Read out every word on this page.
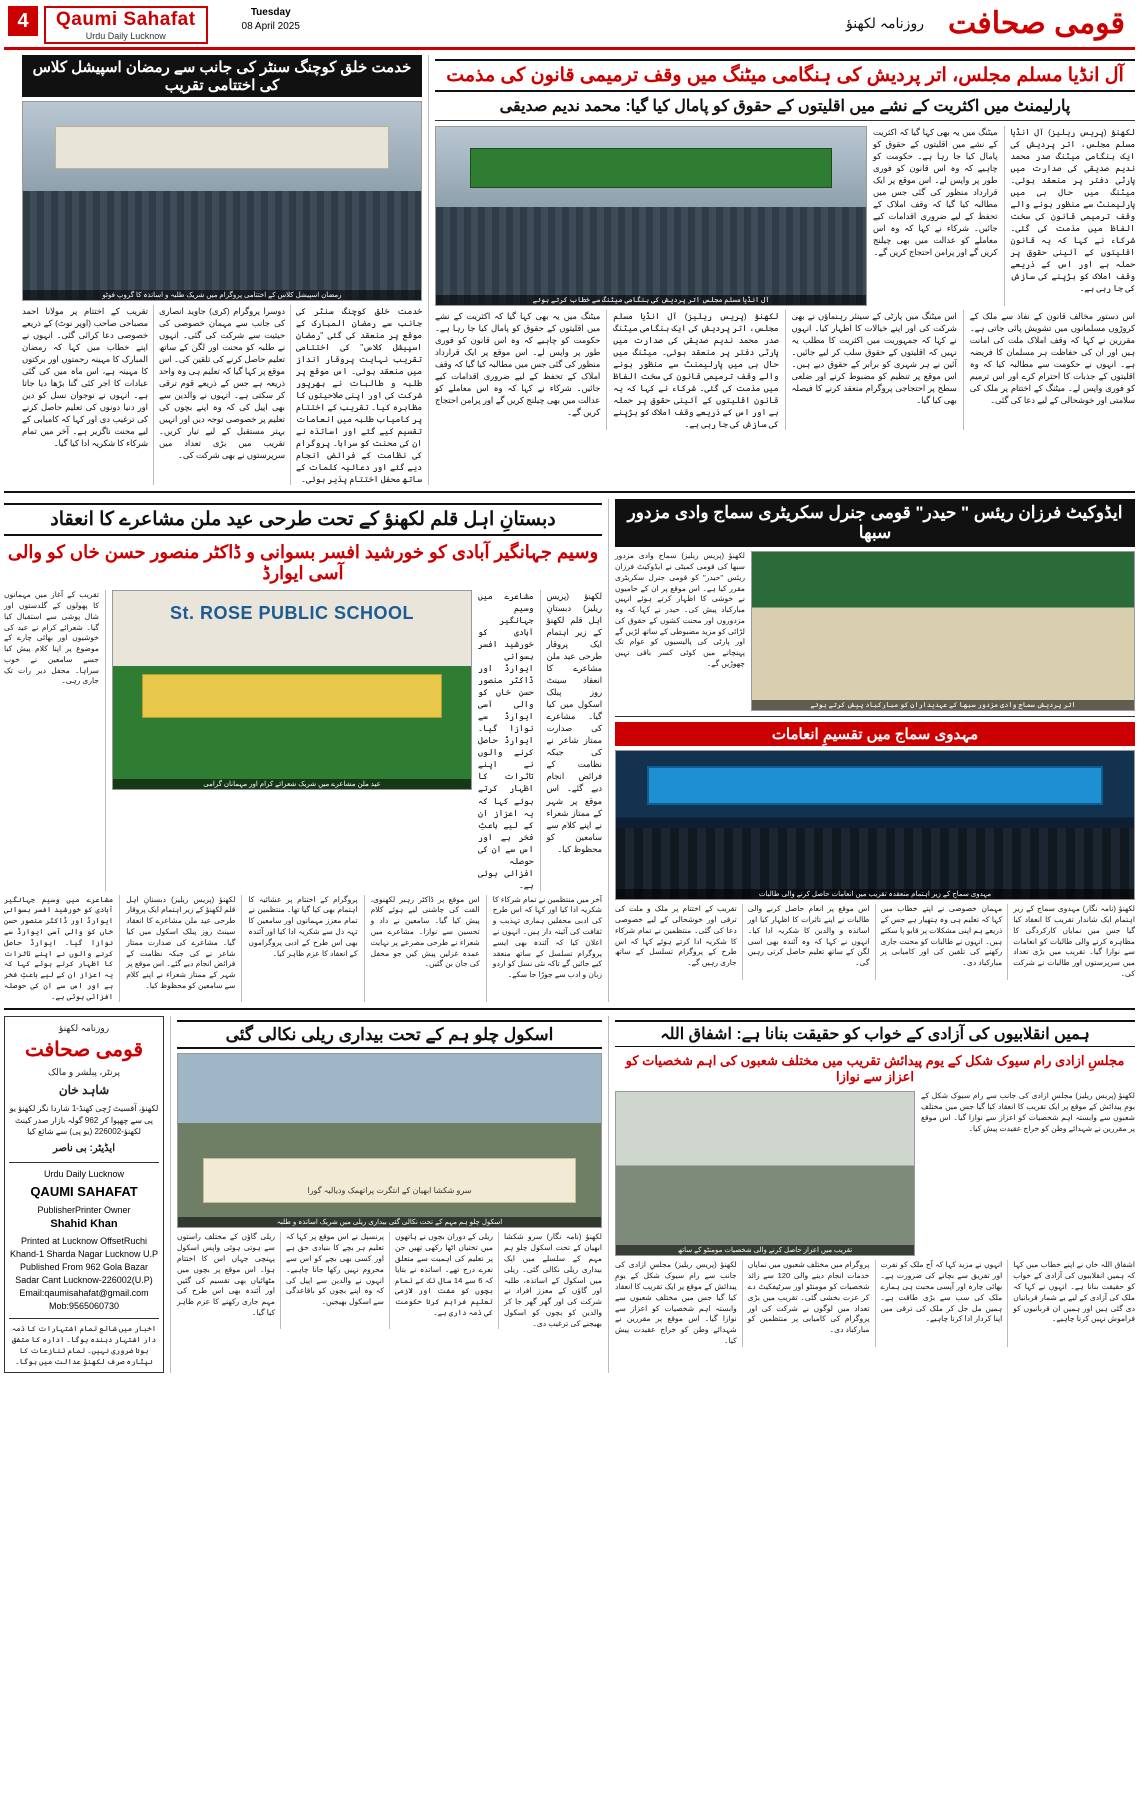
4	Qaumi Sahafat
Urdu Daily Lucknow
Tuesday
08 April 2025	روزنامہ لکھنؤ قومی صحافت
آل انڈیا مسلم مجلس، اتر پردیش کی ہنگامی میٹنگ میں وقف ترمیمی قانون کی مذمت
پارلیمنٹ میں اکثریت کے نشے میں اقلیتوں کے حقوق کو پامال کیا گیا: محمد ندیم صدیقی
لکھنؤ (پریس ریلیز) آل انڈیا مسلم مجلس، اتر پردیش کی ایک ہنگامی میٹنگ صدر محمد ندیم صدیقی کی صدارت میں پارٹی دفتر پر منعقد ہوئی۔ میٹنگ میں حال ہی میں پارلیمنٹ سے منظور ہونے والے وقف ترمیمی قانون کی سخت الفاظ میں مذمت کی گئی۔ شرکاء نے کہا کہ یہ قانون اقلیتوں کے آئینی حقوق پر حملہ ہے اور اس کے ذریعے وقف املاک کو ہڑپنے کی سازش کی جا رہی ہے۔
میٹنگ میں یہ بھی کہا گیا کہ اکثریت کے نشے میں اقلیتوں کے حقوق کو پامال کیا جا رہا ہے۔ حکومت کو چاہیے کہ وہ اس قانون کو فوری طور پر واپس لے۔ اس موقع پر ایک قرارداد منظور کی گئی جس میں مطالبہ کیا گیا کہ وقف املاک کے تحفظ کے لیے ضروری اقدامات کیے جائیں۔ شرکاء نے کہا کہ وہ اس معاملے کو عدالت میں بھی چیلنج کریں گے اور پرامن احتجاج کریں گے۔
آل انڈیا مسلم مجلس اتر پردیش کی ہنگامی میٹنگ سے خطاب کرتے ہوئے
اس دستور مخالف قانون کے نفاذ سے ملک کے کروڑوں مسلمانوں میں تشویش پائی جاتی ہے۔ مقررین نے کہا کہ وقف املاک ملت کی امانت ہیں اور ان کی حفاظت ہر مسلمان کا فریضہ ہے۔ انہوں نے حکومت سے مطالبہ کیا کہ وہ اقلیتوں کے جذبات کا احترام کرے اور اس ترمیم کو فوری واپس لے۔ میٹنگ کے اختتام پر ملک کی سلامتی اور خوشحالی کے لیے دعا کی گئی۔
اس میٹنگ میں پارٹی کے سینئر رہنماؤں نے بھی شرکت کی اور اپنے خیالات کا اظہار کیا۔ انہوں نے کہا کہ جمہوریت میں اکثریت کا مطلب یہ نہیں کہ اقلیتوں کے حقوق سلب کر لیے جائیں۔ آئین نے ہر شہری کو برابر کے حقوق دیے ہیں۔ اس موقع پر تنظیم کو مضبوط کرنے اور ضلعی سطح پر احتجاجی پروگرام منعقد کرنے کا فیصلہ بھی کیا گیا۔
لکھنؤ (پریس ریلیز) آل انڈیا مسلم مجلس، اتر پردیش کی ایک ہنگامی میٹنگ صدر محمد ندیم صدیقی کی صدارت میں پارٹی دفتر پر منعقد ہوئی۔ میٹنگ میں حال ہی میں پارلیمنٹ سے منظور ہونے والے وقف ترمیمی قانون کی سخت الفاظ میں مذمت کی گئی۔ شرکاء نے کہا کہ یہ قانون اقلیتوں کے آئینی حقوق پر حملہ ہے اور اس کے ذریعے وقف املاک کو ہڑپنے کی سازش کی جا رہی ہے۔
میٹنگ میں یہ بھی کہا گیا کہ اکثریت کے نشے میں اقلیتوں کے حقوق کو پامال کیا جا رہا ہے۔ حکومت کو چاہیے کہ وہ اس قانون کو فوری طور پر واپس لے۔ اس موقع پر ایک قرارداد منظور کی گئی جس میں مطالبہ کیا گیا کہ وقف املاک کے تحفظ کے لیے ضروری اقدامات کیے جائیں۔ شرکاء نے کہا کہ وہ اس معاملے کو عدالت میں بھی چیلنج کریں گے اور پرامن احتجاج کریں گے۔
خدمت خلق کوچنگ سنٹر کی جانب سے رمضان اسپیشل کلاس کی اختتامی تقریب
رمضان اسپیشل کلاس کے اختتامی پروگرام میں شریک طلبہ و اساتذہ کا گروپ فوٹو
خدمت خلق کوچنگ سنٹر کی جانب سے رمضان المبارک کے موقع پر منعقد کی گئی "رمضان اسپیشل کلاس" کی اختتامی تقریب نہایت پروقار انداز میں منعقد ہوئی۔ اس موقع پر طلبہ و طالبات نے بھرپور شرکت کی اور اپنی صلاحیتوں کا مظاہرہ کیا۔ تقریب کے اختتام پر کامیاب طلبہ میں انعامات تقسیم کیے گئے اور اساتذہ نے ان کی محنت کو سراہا۔ پروگرام کی نظامت کے فرائض انجام دیے گئے اور دعائیہ کلمات کے ساتھ محفل اختتام پذیر ہوئی۔
دوسرا پروگرام (کری) جاوید انصاری کی جانب سے مہمان خصوصی کی حیثیت سے شرکت کی گئی۔ انہوں نے طلبہ کو محنت اور لگن کے ساتھ تعلیم حاصل کرنے کی تلقین کی۔ اس موقع پر کہا گیا کہ تعلیم ہی وہ واحد ذریعہ ہے جس کے ذریعے قوم ترقی کر سکتی ہے۔ انہوں نے والدین سے بھی اپیل کی کہ وہ اپنے بچوں کی تعلیم پر خصوصی توجہ دیں اور انہیں بہتر مستقبل کے لیے تیار کریں۔ تقریب میں بڑی تعداد میں سرپرستوں نے بھی شرکت کی۔
تقریب کے اختتام پر مولانا احمد مصباحی صاحب (اوپر نوٹ) کے ذریعے خصوصی دعا کرائی گئی۔ انہوں نے اپنے خطاب میں کہا کہ رمضان المبارک کا مہینہ رحمتوں اور برکتوں کا مہینہ ہے، اس ماہ میں کی گئی عبادات کا اجر کئی گنا بڑھا دیا جاتا ہے۔ انہوں نے نوجوان نسل کو دین اور دنیا دونوں کی تعلیم حاصل کرنے کی ترغیب دی اور کہا کہ کامیابی کے لیے محنت ناگزیر ہے۔ آخر میں تمام شرکاء کا شکریہ ادا کیا گیا۔
ایڈوکیٹ فرزان ریئس " حیدر" قومی جنرل سکریٹری سماج وادی مزدور سبھا
اتر پردیش سماج وادی مزدور سبھا کے عہدیداران کو مبارکباد پیش کرتے ہوئے
لکھنؤ (پریس ریلیز) سماج وادی مزدور سبھا کی قومی کمیٹی نے ایڈوکیٹ فرزان ریئس "حیدر" کو قومی جنرل سکریٹری مقرر کیا ہے۔ اس موقع پر ان کے حامیوں نے خوشی کا اظہار کرتے ہوئے انہیں مبارکباد پیش کی۔ حیدر نے کہا کہ وہ مزدوروں اور محنت کشوں کے حقوق کی لڑائی کو مزید مضبوطی کے ساتھ لڑیں گے اور پارٹی کی پالیسیوں کو عوام تک پہنچانے میں کوئی کسر باقی نہیں چھوڑیں گے۔
مہدوی سماج میں تقسیمِ انعامات
مہدوی سماج کے زیر اہتمام منعقدہ تقریب میں انعامات حاصل کرنے والی طالبات
لکھنؤ (نامہ نگار) مہدوی سماج کے زیر اہتمام ایک شاندار تقریب کا انعقاد کیا گیا جس میں نمایاں کارکردگی کا مظاہرہ کرنے والی طالبات کو انعامات سے نوازا گیا۔ تقریب میں بڑی تعداد میں سرپرستوں اور طالبات نے شرکت کی۔
مہمان خصوصی نے اپنے خطاب میں کہا کہ تعلیم ہی وہ ہتھیار ہے جس کے ذریعے ہم اپنی مشکلات پر قابو پا سکتے ہیں۔ انہوں نے طالبات کو محنت جاری رکھنے کی تلقین کی اور کامیابی پر مبارکباد دی۔
اس موقع پر انعام حاصل کرنے والی طالبات نے اپنے تاثرات کا اظہار کیا اور اساتذہ و والدین کا شکریہ ادا کیا۔ انہوں نے کہا کہ وہ آئندہ بھی اسی لگن کے ساتھ تعلیم حاصل کرتی رہیں گی۔
تقریب کے اختتام پر ملک و ملت کی ترقی اور خوشحالی کے لیے خصوصی دعا کی گئی۔ منتظمین نے تمام شرکاء کا شکریہ ادا کرتے ہوئے کہا کہ اس طرح کے پروگرام تسلسل کے ساتھ جاری رہیں گے۔
دبستانِ اہل قلم لکھنؤ کے تحت طرحی عید ملن مشاعرے کا انعقاد
وسیم جہانگیر آبادی کو خورشید افسر بسوانی و ڈاکٹر منصور حسن خاں کو والی آسی ایوارڈ
لکھنؤ (پریس ریلیز) دبستانِ اہل قلم لکھنؤ کے زیر اہتمام ایک پروقار طرحی عید ملن مشاعرے کا انعقاد سینٹ روز پبلک اسکول میں کیا گیا۔ مشاعرے کی صدارت ممتاز شاعر نے کی جبکہ نظامت کے فرائض انجام دیے گئے۔ اس موقع پر شہر کے ممتاز شعراء نے اپنے کلام سے سامعین کو محظوظ کیا۔
مشاعرے میں وسیم جہانگیر آبادی کو خورشید افسر بسوانی ایوارڈ اور ڈاکٹر منصور حسن خاں کو والی آسی ایوارڈ سے نوازا گیا۔ ایوارڈ حاصل کرنے والوں نے اپنے تاثرات کا اظہار کرتے ہوئے کہا کہ یہ اعزاز ان کے لیے باعثِ فخر ہے اور اس سے ان کی حوصلہ افزائی ہوئی ہے۔
St. ROSE PUBLIC SCHOOL
عید ملن مشاعرے میں شریک شعرائے کرام اور مہمانان گرامی
تقریب کے آغاز میں مہمانوں کا پھولوں کے گلدستوں اور شال پوشی سے استقبال کیا گیا۔ شعرائے کرام نے عید کی خوشیوں اور بھائی چارے کے موضوع پر اپنا کلام پیش کیا جسے سامعین نے خوب سراہا۔ محفل دیر رات تک جاری رہی۔
آخر میں منتظمین نے تمام شرکاء کا شکریہ ادا کیا اور کہا کہ اس طرح کی ادبی محفلیں ہماری تہذیب و ثقافت کی آئینہ دار ہیں۔ انہوں نے اعلان کیا کہ آئندہ بھی ایسے پروگرام تسلسل کے ساتھ منعقد کیے جائیں گے تاکہ نئی نسل کو اردو زبان و ادب سے جوڑا جا سکے۔
اس موقع پر ڈاکٹر رہبر لکھنوی، الفت کی چاشنی لیے ہوئے کلام پیش کیا گیا۔ سامعین نے داد و تحسین سے نوازا۔ مشاعرے میں شعراء نے طرحی مصرعے پر نہایت عمدہ غزلیں پیش کیں جو محفل کی جان بن گئیں۔
پروگرام کے اختتام پر عشائیہ کا اہتمام بھی کیا گیا تھا۔ منتظمین نے تمام معزز مہمانوں اور سامعین کا تہہ دل سے شکریہ ادا کیا اور آئندہ بھی اس طرح کے ادبی پروگراموں کے انعقاد کا عزم ظاہر کیا۔
لکھنؤ (پریس ریلیز) دبستانِ اہل قلم لکھنؤ کے زیر اہتمام ایک پروقار طرحی عید ملن مشاعرے کا انعقاد سینٹ روز پبلک اسکول میں کیا گیا۔ مشاعرے کی صدارت ممتاز شاعر نے کی جبکہ نظامت کے فرائض انجام دیے گئے۔ اس موقع پر شہر کے ممتاز شعراء نے اپنے کلام سے سامعین کو محظوظ کیا۔
مشاعرے میں وسیم جہانگیر آبادی کو خورشید افسر بسوانی ایوارڈ اور ڈاکٹر منصور حسن خاں کو والی آسی ایوارڈ سے نوازا گیا۔ ایوارڈ حاصل کرنے والوں نے اپنے تاثرات کا اظہار کرتے ہوئے کہا کہ یہ اعزاز ان کے لیے باعثِ فخر ہے اور اس سے ان کی حوصلہ افزائی ہوئی ہے۔
ہمیں انقلابیوں کی آزادی کے خواب کو حقیقت بنانا ہے: اشفاق اللہ
مجلسِ ازادی رام سیوک شکل کے یوم پیدائش تقریب میں مختلف شعبوں کی اہم شخصیات کو اعزاز سے نوازا
لکھنؤ (پریس ریلیز) مجلسِ ازادی کی جانب سے رام سیوک شکل کے یومِ پیدائش کے موقع پر ایک تقریب کا انعقاد کیا گیا جس میں مختلف شعبوں سے وابستہ اہم شخصیات کو اعزاز سے نوازا گیا۔ اس موقع پر مقررین نے شہدائے وطن کو خراج عقیدت پیش کیا۔
تقریب میں اعزاز حاصل کرنے والی شخصیات مومنٹو کے ساتھ
اشفاق اللہ خاں نے اپنے خطاب میں کہا کہ ہمیں انقلابیوں کی آزادی کے خواب کو حقیقت بنانا ہے۔ انہوں نے کہا کہ ملک کی آزادی کے لیے بے شمار قربانیاں دی گئی ہیں اور ہمیں ان قربانیوں کو فراموش نہیں کرنا چاہیے۔
انہوں نے مزید کہا کہ آج ملک کو نفرت اور تفریق سے بچانے کی ضرورت ہے۔ بھائی چارہ اور آپسی محبت ہی ہمارے ملک کی سب سے بڑی طاقت ہے۔ ہمیں مل جل کر ملک کی ترقی میں اپنا کردار ادا کرنا چاہیے۔
پروگرام میں مختلف شعبوں میں نمایاں خدمات انجام دینے والی 120 سے زائد شخصیات کو مومنٹو اور سرٹیفکیٹ دے کر عزت بخشی گئی۔ تقریب میں بڑی تعداد میں لوگوں نے شرکت کی اور پروگرام کی کامیابی پر منتظمین کو مبارکباد دی۔
لکھنؤ (پریس ریلیز) مجلسِ ازادی کی جانب سے رام سیوک شکل کے یومِ پیدائش کے موقع پر ایک تقریب کا انعقاد کیا گیا جس میں مختلف شعبوں سے وابستہ اہم شخصیات کو اعزاز سے نوازا گیا۔ اس موقع پر مقررین نے شہدائے وطن کو خراج عقیدت پیش کیا۔
اسکول چلو ہم کے تحت بیداری ریلی نکالی گئی
سرو شکشا ابھیان کے انتگرت پراتھمک ودیالیہ گورا
اسکول چلو ہم مہم کے تحت نکالی گئی بیداری ریلی میں شریک اساتذہ و طلبہ
لکھنؤ (نامہ نگار) سرو شکشا ابھیان کے تحت اسکول چلو ہم مہم کے سلسلے میں ایک بیداری ریلی نکالی گئی۔ ریلی میں اسکول کے اساتذہ، طلبہ اور گاؤں کے معزز افراد نے شرکت کی اور گھر گھر جا کر والدین کو بچوں کو اسکول بھیجنے کی ترغیب دی۔
ریلی کے دوران بچوں نے ہاتھوں میں تختیاں اٹھا رکھی تھیں جن پر تعلیم کی اہمیت سے متعلق نعرے درج تھے۔ اساتذہ نے بتایا کہ 6 سے 14 سال تک کے تمام بچوں کو مفت اور لازمی تعلیم فراہم کرنا حکومت کی ذمہ داری ہے۔
پرنسپل نے اس موقع پر کہا کہ تعلیم ہر بچے کا بنیادی حق ہے اور کسی بھی بچے کو اس سے محروم نہیں رکھا جانا چاہیے۔ انہوں نے والدین سے اپیل کی کہ وہ اپنے بچوں کو باقاعدگی سے اسکول بھیجیں۔
ریلی گاؤں کے مختلف راستوں سے ہوتی ہوئی واپس اسکول پہنچی جہاں اس کا اختتام ہوا۔ اس موقع پر بچوں میں مٹھائیاں بھی تقسیم کی گئیں اور آئندہ بھی اس طرح کی مہم جاری رکھنے کا عزم ظاہر کیا گیا۔
روزنامہ لکھنؤ
قومی صحافت
پرنٹر، پبلشر و مالک
شاہد خان
لکھنؤ، آفسیٹ رُچی کھنڈ-1 شاردا نگر لکھنؤ یو پی سے چھپوا کر 962 گولہ بازار صدر کینٹ لکھنؤ-226002 (یو پی) سے شائع کیا
ایڈیٹر: بی ناصر
Urdu Daily Lucknow
QAUMI SAHAFAT
PublisherPrinter Owner
Shahid Khan
Printed at Lucknow OffsetRuchi Khand-1 Sharda Nagar Lucknow U.P
Published From 962 Gola Bazar Sadar Cant Lucknow-226002(U.P)
Email:qaumisahafat@gmail.com
Mob:9565060730
اخبار میں شائع تمام اشتہارات کا ذمہ دار اشتہار دہندہ ہوگا۔ ادارہ کا متفق ہونا ضروری نہیں۔ تمام تنازعات کا نپٹارہ صرف لکھنؤ عدالت میں ہوگا۔
